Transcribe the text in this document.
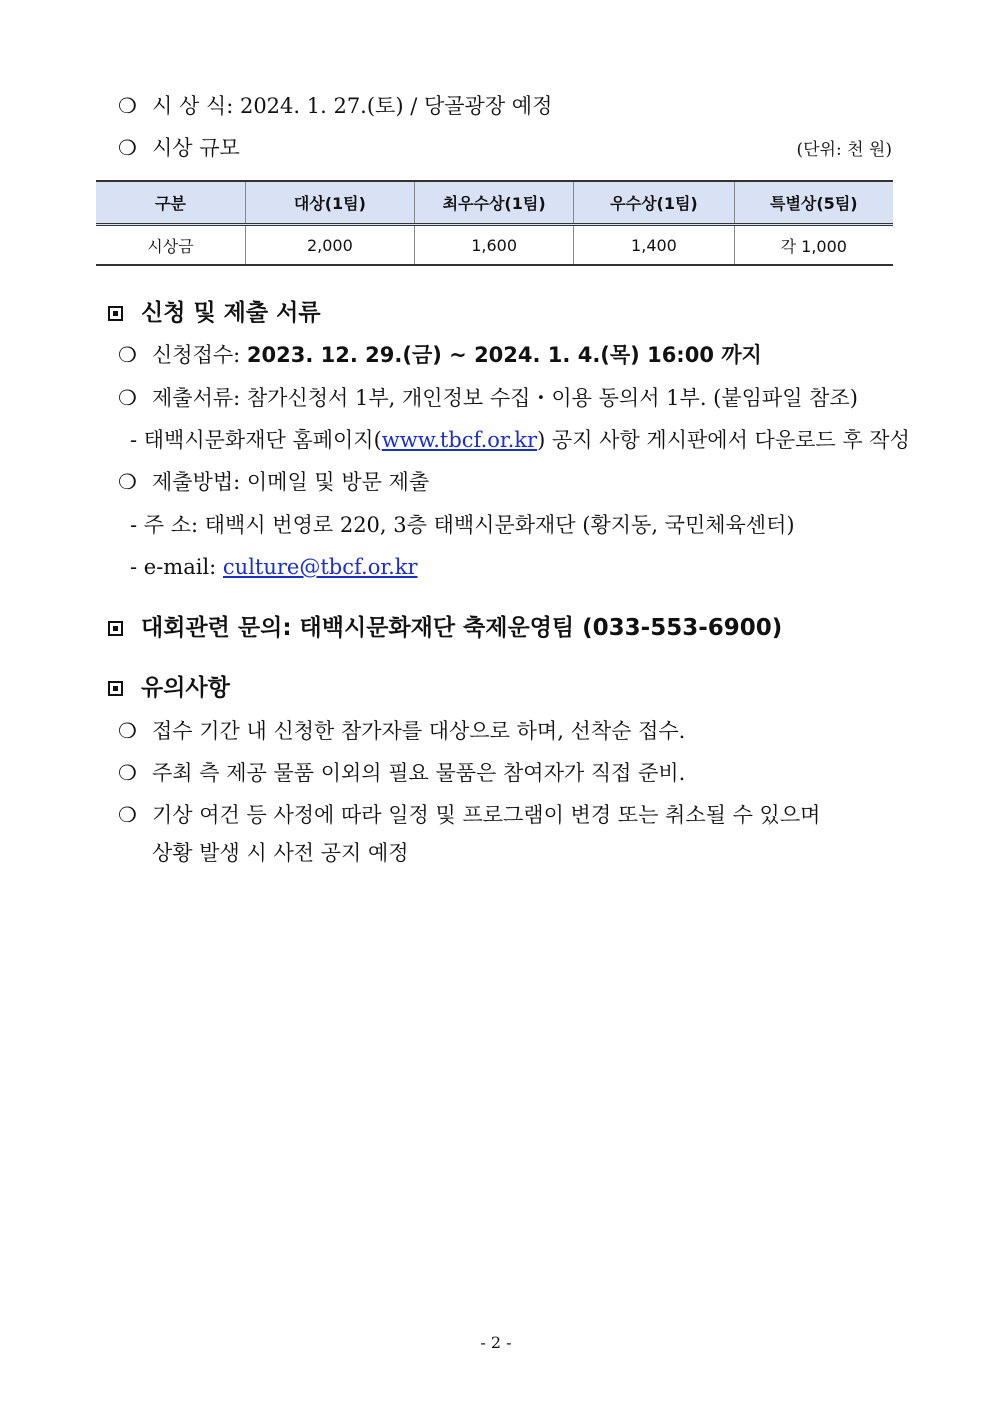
❍ 시 상 식: 2024. 1. 27.(토) / 당골광장 예정
❍ 시상 규모	(단위: 천 원)
구분	대상(1팀)	최우수상(1팀)	우수상(1팀)	특별상(5팀)
시상금	2,000	1,600	1,400	각 1,000
신청 및 제출 서류
❍ 신청접수: 2023. 12. 29.(금) ~ 2024. 1. 4.(목) 16:00 까지
❍ 제출서류: 참가신청서 1부, 개인정보 수집・이용 동의서 1부. (붙임파일 참조)
- 태백시문화재단 홈페이지(www.tbcf.or.kr) 공지 사항 게시판에서 다운로드 후 작성
❍ 제출방법: 이메일 및 방문 제출
- 주 소: 태백시 번영로 220, 3층 태백시문화재단 (황지동, 국민체육센터)
- e-mail: culture@tbcf.or.kr
대회관련 문의: 태백시문화재단 축제운영팀 (033-553-6900)
유의사항
❍ 접수 기간 내 신청한 참가자를 대상으로 하며, 선착순 접수.
❍ 주최 측 제공 물품 이외의 필요 물품은 참여자가 직접 준비.
❍ 기상 여건 등 사정에 따라 일정 및 프로그램이 변경 또는 취소될 수 있으며
상황 발생 시 사전 공지 예정
- 2 -
